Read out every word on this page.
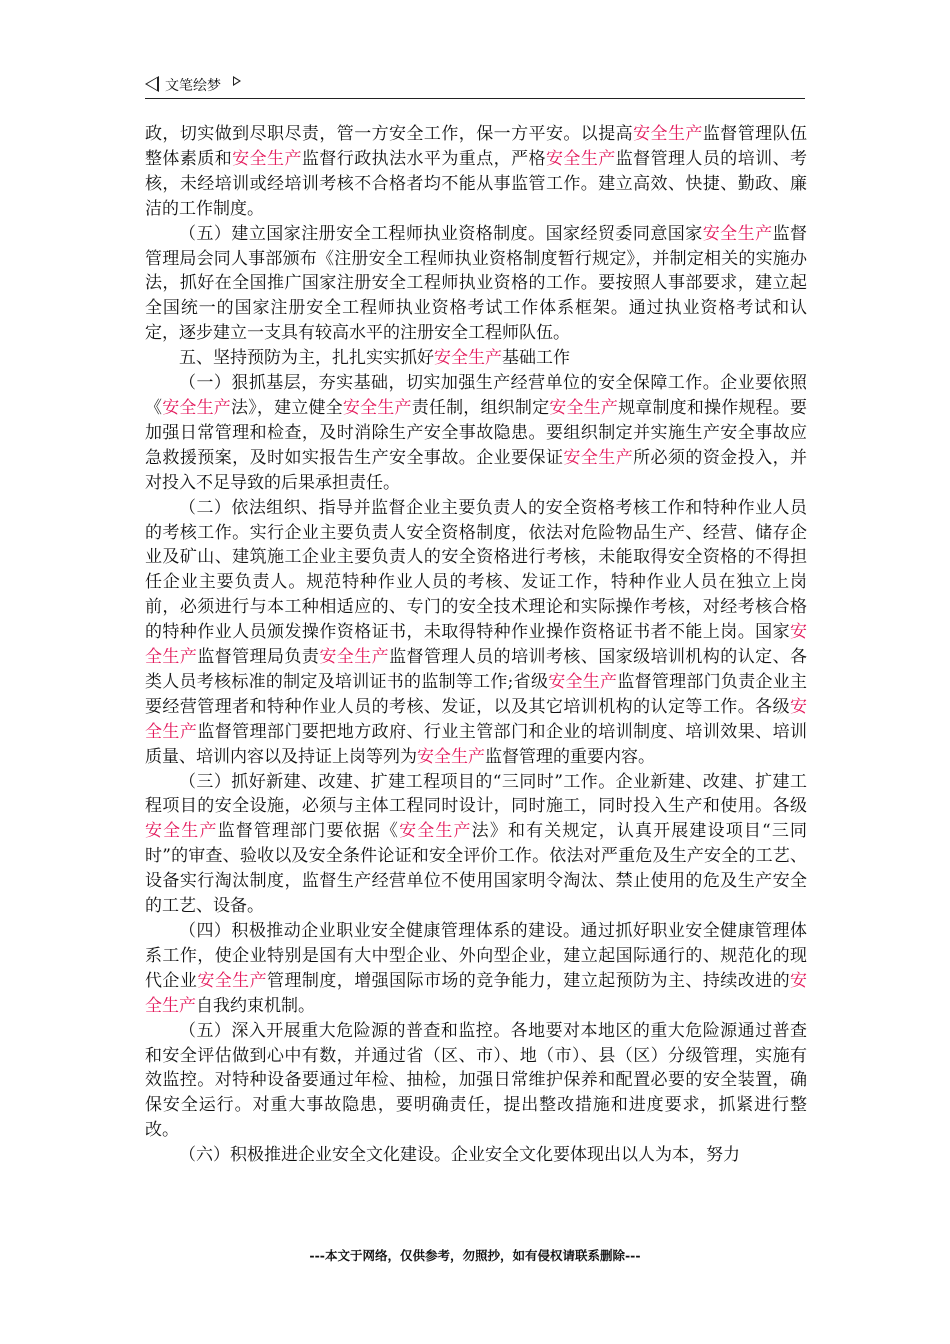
文笔绘梦

政，切实做到尽职尽责，管一方安全工作，保一方平安。以提高安全生产监督管理队伍整体素质和安全生产监督行政执法水平为重点，严格安全生产监督管理人员的培训、考核，未经培训或经培训考核不合格者均不能从事监管工作。建立高效、快捷、勤政、廉洁的工作制度。

（五）建立国家注册安全工程师执业资格制度。国家经贸委同意国家安全生产监督管理局会同人事部颁布《注册安全工程师执业资格制度暂行规定》，并制定相关的实施办法，抓好在全国推广国家注册安全工程师执业资格的工作。要按照人事部要求，建立起全国统一的国家注册安全工程师执业资格考试工作体系框架。通过执业资格考试和认定，逐步建立一支具有较高水平的注册安全工程师队伍。

五、坚持预防为主，扎扎实实抓好安全生产基础工作

（一）狠抓基层，夯实基础，切实加强生产经营单位的安全保障工作。企业要依照《安全生产法》，建立健全安全生产责任制，组织制定安全生产规章制度和操作规程。要加强日常管理和检查，及时消除生产安全事故隐患。要组织制定并实施生产安全事故应急救援预案，及时如实报告生产安全事故。企业要保证安全生产所必须的资金投入，并对投入不足导致的后果承担责任。

（二）依法组织、指导并监督企业主要负责人的安全资格考核工作和特种作业人员的考核工作。实行企业主要负责人安全资格制度，依法对危险物品生产、经营、储存企业及矿山、建筑施工企业主要负责人的安全资格进行考核，未能取得安全资格的不得担任企业主要负责人。规范特种作业人员的考核、发证工作，特种作业人员在独立上岗前，必须进行与本工种相适应的、专门的安全技术理论和实际操作考核，对经考核合格的特种作业人员颁发操作资格证书，未取得特种作业操作资格证书者不能上岗。国家安全生产监督管理局负责安全生产监督管理人员的培训考核、国家级培训机构的认定、各类人员考核标准的制定及培训证书的监制等工作;省级安全生产监督管理部门负责企业主要经营管理者和特种作业人员的考核、发证，以及其它培训机构的认定等工作。各级安全生产监督管理部门要把地方政府、行业主管部门和企业的培训制度、培训效果、培训质量、培训内容以及持证上岗等列为安全生产监督管理的重要内容。

（三）抓好新建、改建、扩建工程项目的“三同时”工作。企业新建、改建、扩建工程项目的安全设施，必须与主体工程同时设计，同时施工，同时投入生产和使用。各级安全生产监督管理部门要依据《安全生产法》和有关规定，认真开展建设项目“三同时”的审查、验收以及安全条件论证和安全评价工作。依法对严重危及生产安全的工艺、设备实行淘汰制度，监督生产经营单位不使用国家明令淘汰、禁止使用的危及生产安全的工艺、设备。

（四）积极推动企业职业安全健康管理体系的建设。通过抓好职业安全健康管理体系工作，使企业特别是国有大中型企业、外向型企业，建立起国际通行的、规范化的现代企业安全生产管理制度，增强国际市场的竞争能力，建立起预防为主、持续改进的安全生产自我约束机制。

（五）深入开展重大危险源的普查和监控。各地要对本地区的重大危险源通过普查和安全评估做到心中有数，并通过省（区、市）、地（市）、县（区）分级管理，实施有效监控。对特种设备要通过年检、抽检，加强日常维护保养和配置必要的安全装置，确保安全运行。对重大事故隐患，要明确责任，提出整改措施和进度要求，抓紧进行整改。

（六）积极推进企业安全文化建设。企业安全文化要体现出以人为本，努力

---本文于网络，仅供参考，勿照抄，如有侵权请联系删除---
